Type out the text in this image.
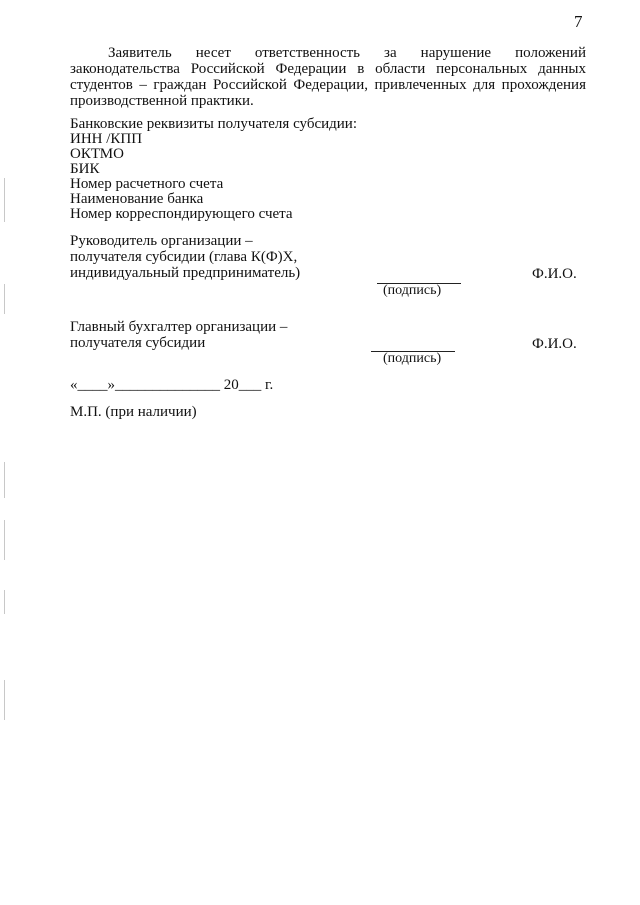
7
Заявитель несет ответственность за нарушение положений законодательства Российской Федерации в области персональных данных студентов – граждан Российской Федерации, привлеченных для прохождения производственной практики.
Банковские реквизиты получателя субсидии:
ИНН /КПП
ОКТМО
БИК
Номер расчетного счета
Наименование банка
Номер корреспондирующего счета
Руководитель организации –
получателя субсидии (глава К(Ф)Х,
индивидуальный предприниматель)
(подпись)
Ф.И.О.
Главный бухгалтер организации –
получателя субсидии
(подпись)
Ф.И.О.
«____»______________ 20___ г.
М.П. (при наличии)
